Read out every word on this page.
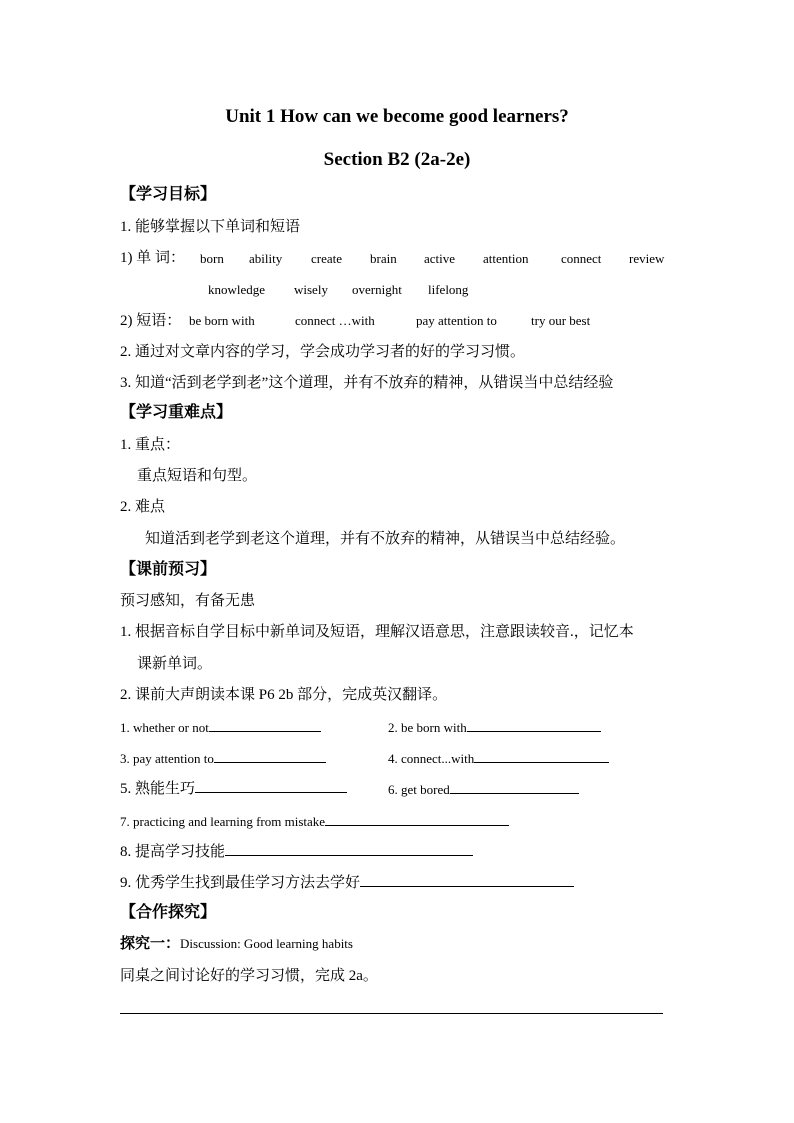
Unit 1 How can we become good learners?
Section B2 (2a-2e)
【学习目标】
1. 能够掌握以下单词和短语
1) 单 词： born ability create brain active attention	connect review
knowledge wisely overnight lifelong
2) 短语： be born with	connect …with	pay attention to	try our best
2. 通过对文章内容的学习，学会成功学习者的好的学习习惯。
3. 知道“活到老学到老”这个道理，并有不放弃的精神，从错误当中总结经验
【学习重难点】
1. 重点：
重点短语和句型。
2. 难点
知道活到老学到老这个道理，并有不放弃的精神，从错误当中总结经验。
【课前预习】
预习感知，有备无患
1. 根据音标自学目标中新单词及短语，理解汉语意思，注意跟读较音.，记忆本
课新单词。
2. 课前大声朗读本课 P6 2b 部分，完成英汉翻译。
1. whether or not	2. be born with
3. pay attention to	4. connect...with
5. 熟能生巧	6. get bored
7. practicing and learning from mistake
8. 提高学习技能
9. 优秀学生找到最佳学习方法去学好
【合作探究】
探究一：Discussion: Good learning habits
同桌之间讨论好的学习习惯，完成 2a。
